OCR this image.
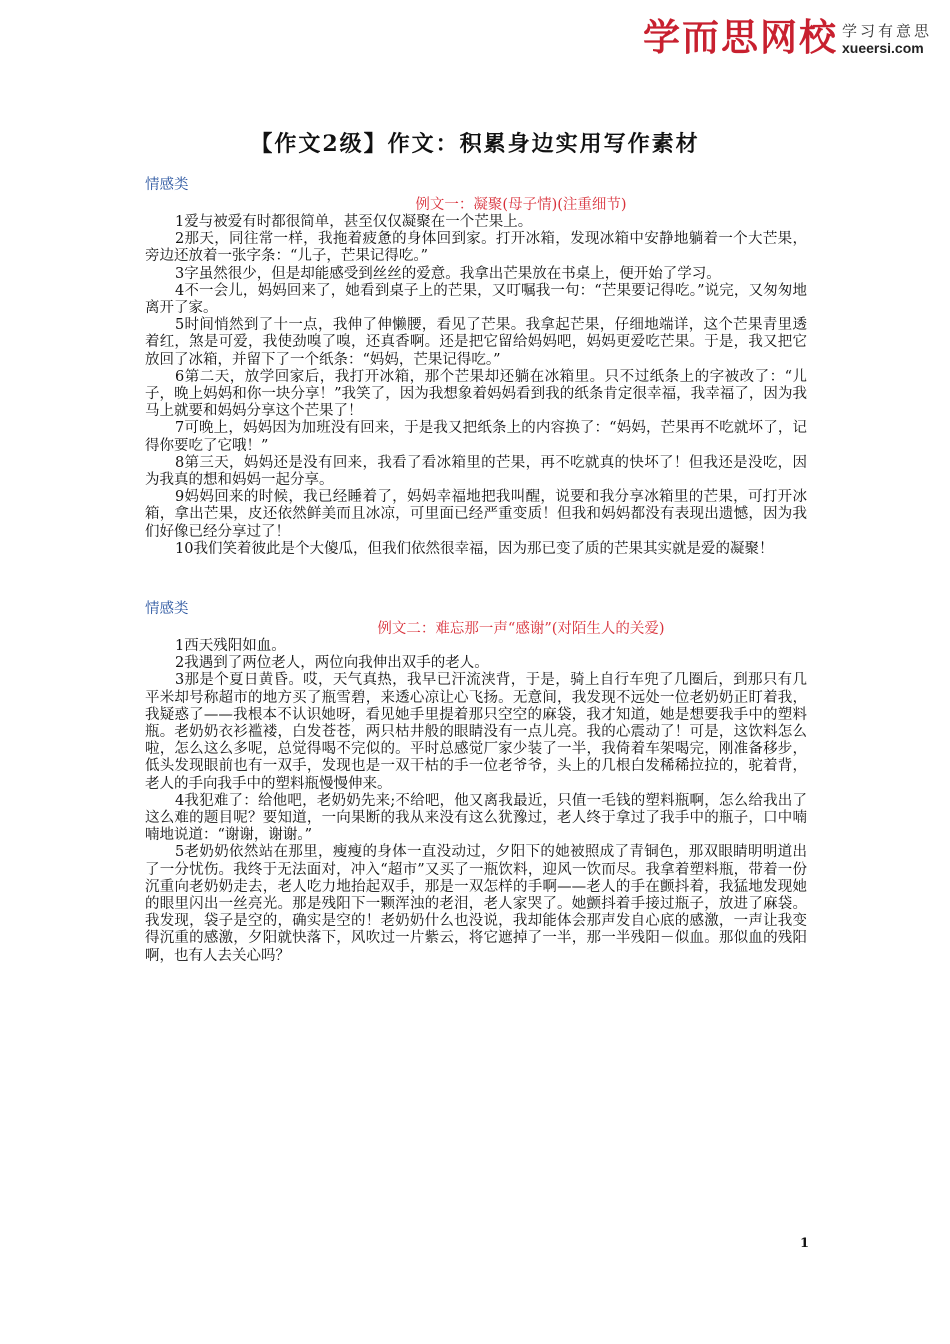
学而思网校 学习有意思
xueersi.com
【作文2级】作文：积累身边实用写作素材

情感类

例文一：凝聚(母子情)(注重细节)

1爱与被爱有时都很简单，甚至仅仅凝聚在一个芒果上。

2那天，同往常一样，我拖着疲惫的身体回到家。打开冰箱，发现冰箱中安静地躺着一个大芒果，旁边还放着一张字条：“儿子，芒果记得吃。”

3字虽然很少，但是却能感受到丝丝的爱意。我拿出芒果放在书桌上，便开始了学习。

4不一会儿，妈妈回来了，她看到桌子上的芒果，又叮嘱我一句：“芒果要记得吃。”说完，又匆匆地离开了家。

5时间悄然到了十一点，我伸了伸懒腰，看见了芒果。我拿起芒果，仔细地端详，这个芒果青里透着红，煞是可爱，我使劲嗅了嗅，还真香啊。还是把它留给妈妈吧，妈妈更爱吃芒果。于是，我又把它放回了冰箱，并留下了一个纸条：“妈妈，芒果记得吃。”

6第二天，放学回家后，我打开冰箱，那个芒果却还躺在冰箱里。只不过纸条上的字被改了：“儿子，晚上妈妈和你一块分享！”我笑了，因为我想象着妈妈看到我的纸条肯定很幸福，我幸福了，因为我马上就要和妈妈分享这个芒果了！

7可晚上，妈妈因为加班没有回来，于是我又把纸条上的内容换了：“妈妈，芒果再不吃就坏了，记得你要吃了它哦！”

8第三天，妈妈还是没有回来，我看了看冰箱里的芒果，再不吃就真的快坏了！但我还是没吃，因为我真的想和妈妈一起分享。

9妈妈回来的时候，我已经睡着了，妈妈幸福地把我叫醒，说要和我分享冰箱里的芒果，可打开冰箱，拿出芒果，皮还依然鲜美而且冰凉，可里面已经严重变质！但我和妈妈都没有表现出遗憾，因为我们好像已经分享过了！

10我们笑着彼此是个大傻瓜，但我们依然很幸福，因为那已变了质的芒果其实就是爱的凝聚！

情感类

例文二：难忘那一声“感谢”(对陌生人的关爱)

1西天残阳如血。

2我遇到了两位老人，两位向我伸出双手的老人。

3那是个夏日黄昏。哎，天气真热，我早已汗流浃背，于是，骑上自行车兜了几圈后，到那只有几平米却号称超市的地方买了瓶雪碧，来透心凉让心飞扬。无意间，我发现不远处一位老奶奶正盯着我，我疑惑了——我根本不认识她呀，看见她手里提着那只空空的麻袋，我才知道，她是想要我手中的塑料瓶。老奶奶衣衫褴褛，白发苍苍，两只枯井般的眼睛没有一点儿亮。我的心震动了！可是，这饮料怎么啦，怎么这么多呢，总觉得喝不完似的。平时总感觉厂家少装了一半，我倚着车架喝完，刚准备移步，低头发现眼前也有一双手，发现也是一双干枯的手一位老爷爷，头上的几根白发稀稀拉拉的，驼着背，老人的手向我手中的塑料瓶慢慢伸来。

4我犯难了：给他吧，老奶奶先来;不给吧，他又离我最近，只值一毛钱的塑料瓶啊，怎么给我出了这么难的题目呢？要知道，一向果断的我从来没有这么犹豫过，老人终于拿过了我手中的瓶子，口中喃喃地说道：“谢谢，谢谢。”

5老奶奶依然站在那里，瘦瘦的身体一直没动过，夕阳下的她被照成了青铜色，那双眼睛明明道出了一分忧伤。我终于无法面对，冲入“超市”又买了一瓶饮料，迎风一饮而尽。我拿着塑料瓶，带着一份沉重向老奶奶走去，老人吃力地抬起双手，那是一双怎样的手啊——老人的手在颤抖着，我猛地发现她的眼里闪出一丝亮光。那是残阳下一颗浑浊的老泪，老人家哭了。她颤抖着手接过瓶子，放进了麻袋。我发现，袋子是空的，确实是空的！老奶奶什么也没说，我却能体会那声发自心底的感激，一声让我变得沉重的感激，夕阳就快落下，风吹过一片紫云，将它遮掉了一半，那一半残阳－似血。那似血的残阳啊，也有人去关心吗？

1
